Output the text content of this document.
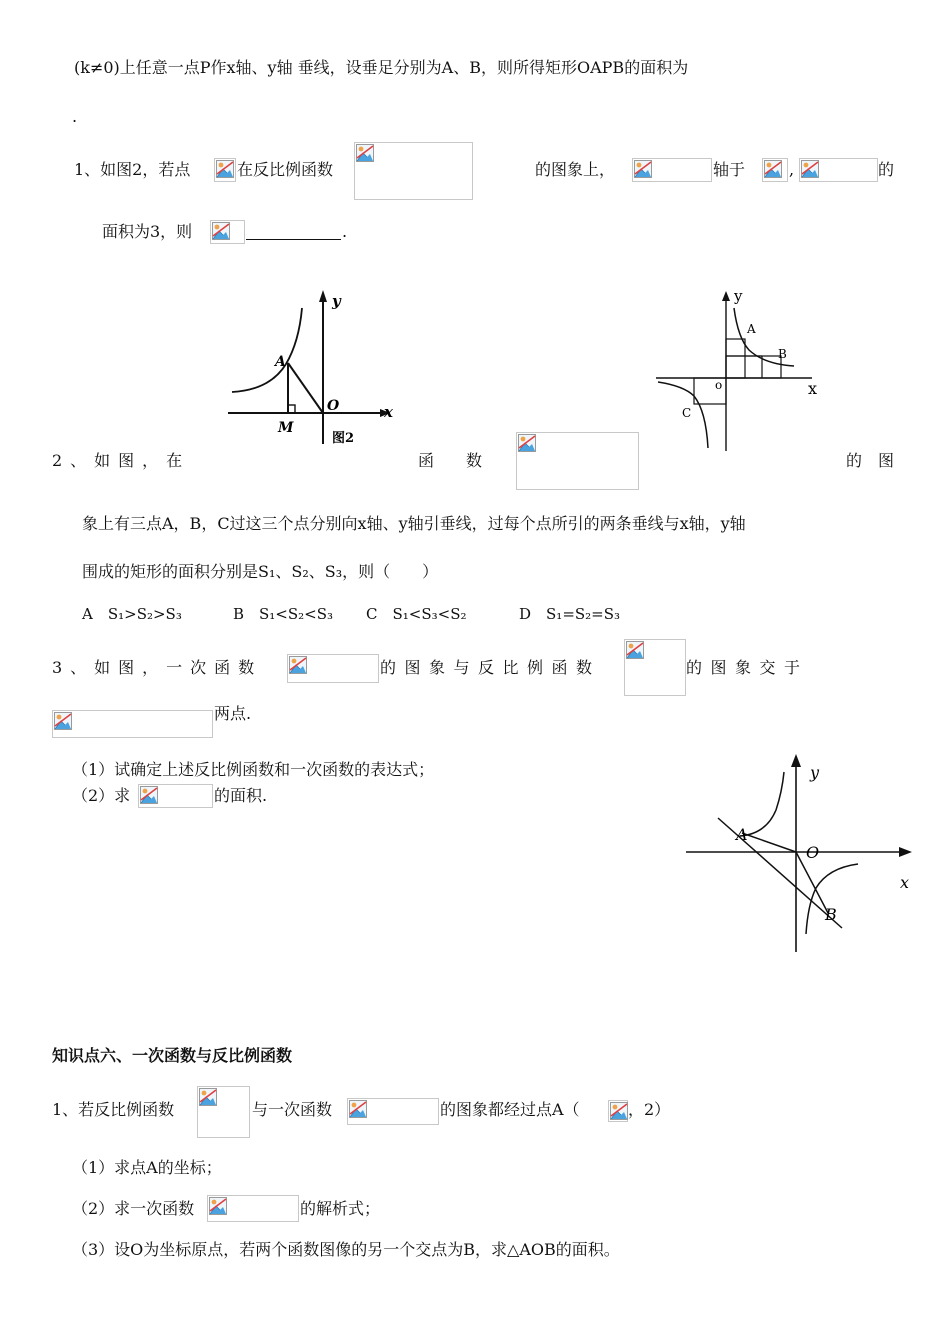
(k≠0)上任意一点P作x轴、y轴 垂线，设垂足分别为A、B，则所得矩形OAPB的面积为
.
1、如图2，若点	在反比例函数	的图象上，	轴于	,	的
面积为3，则	.
y
x
O
A
M
图2
y
x
o
A
B
C
2、如图，在	函　　数	的　图
象上有三点A，B，C过这三个点分别向x轴、y轴引垂线，过每个点所引的两条垂线与x轴，y轴
围成的矩形的面积分别是S₁、S₂、S₃，则（　　）
A　S₁>S₂>S₃	B　S₁<S₂<S₃ C　S₁<S₃<S₂	D　S₁=S₂=S₃
3、如图，一次函数	的图象与反比例函数	的图象交于
两点.
（1）试确定上述反比例函数和一次函数的表达式；
（2）求	的面积.
y
x
O
A
B
知识点六、一次函数与反比例函数
1、若反比例函数	与一次函数	的图象都经过点A（	，2）
（1）求点A的坐标；
（2）求一次函数	的解析式；
（3）设O为坐标原点，若两个函数图像的另一个交点为B，求△AOB的面积。
